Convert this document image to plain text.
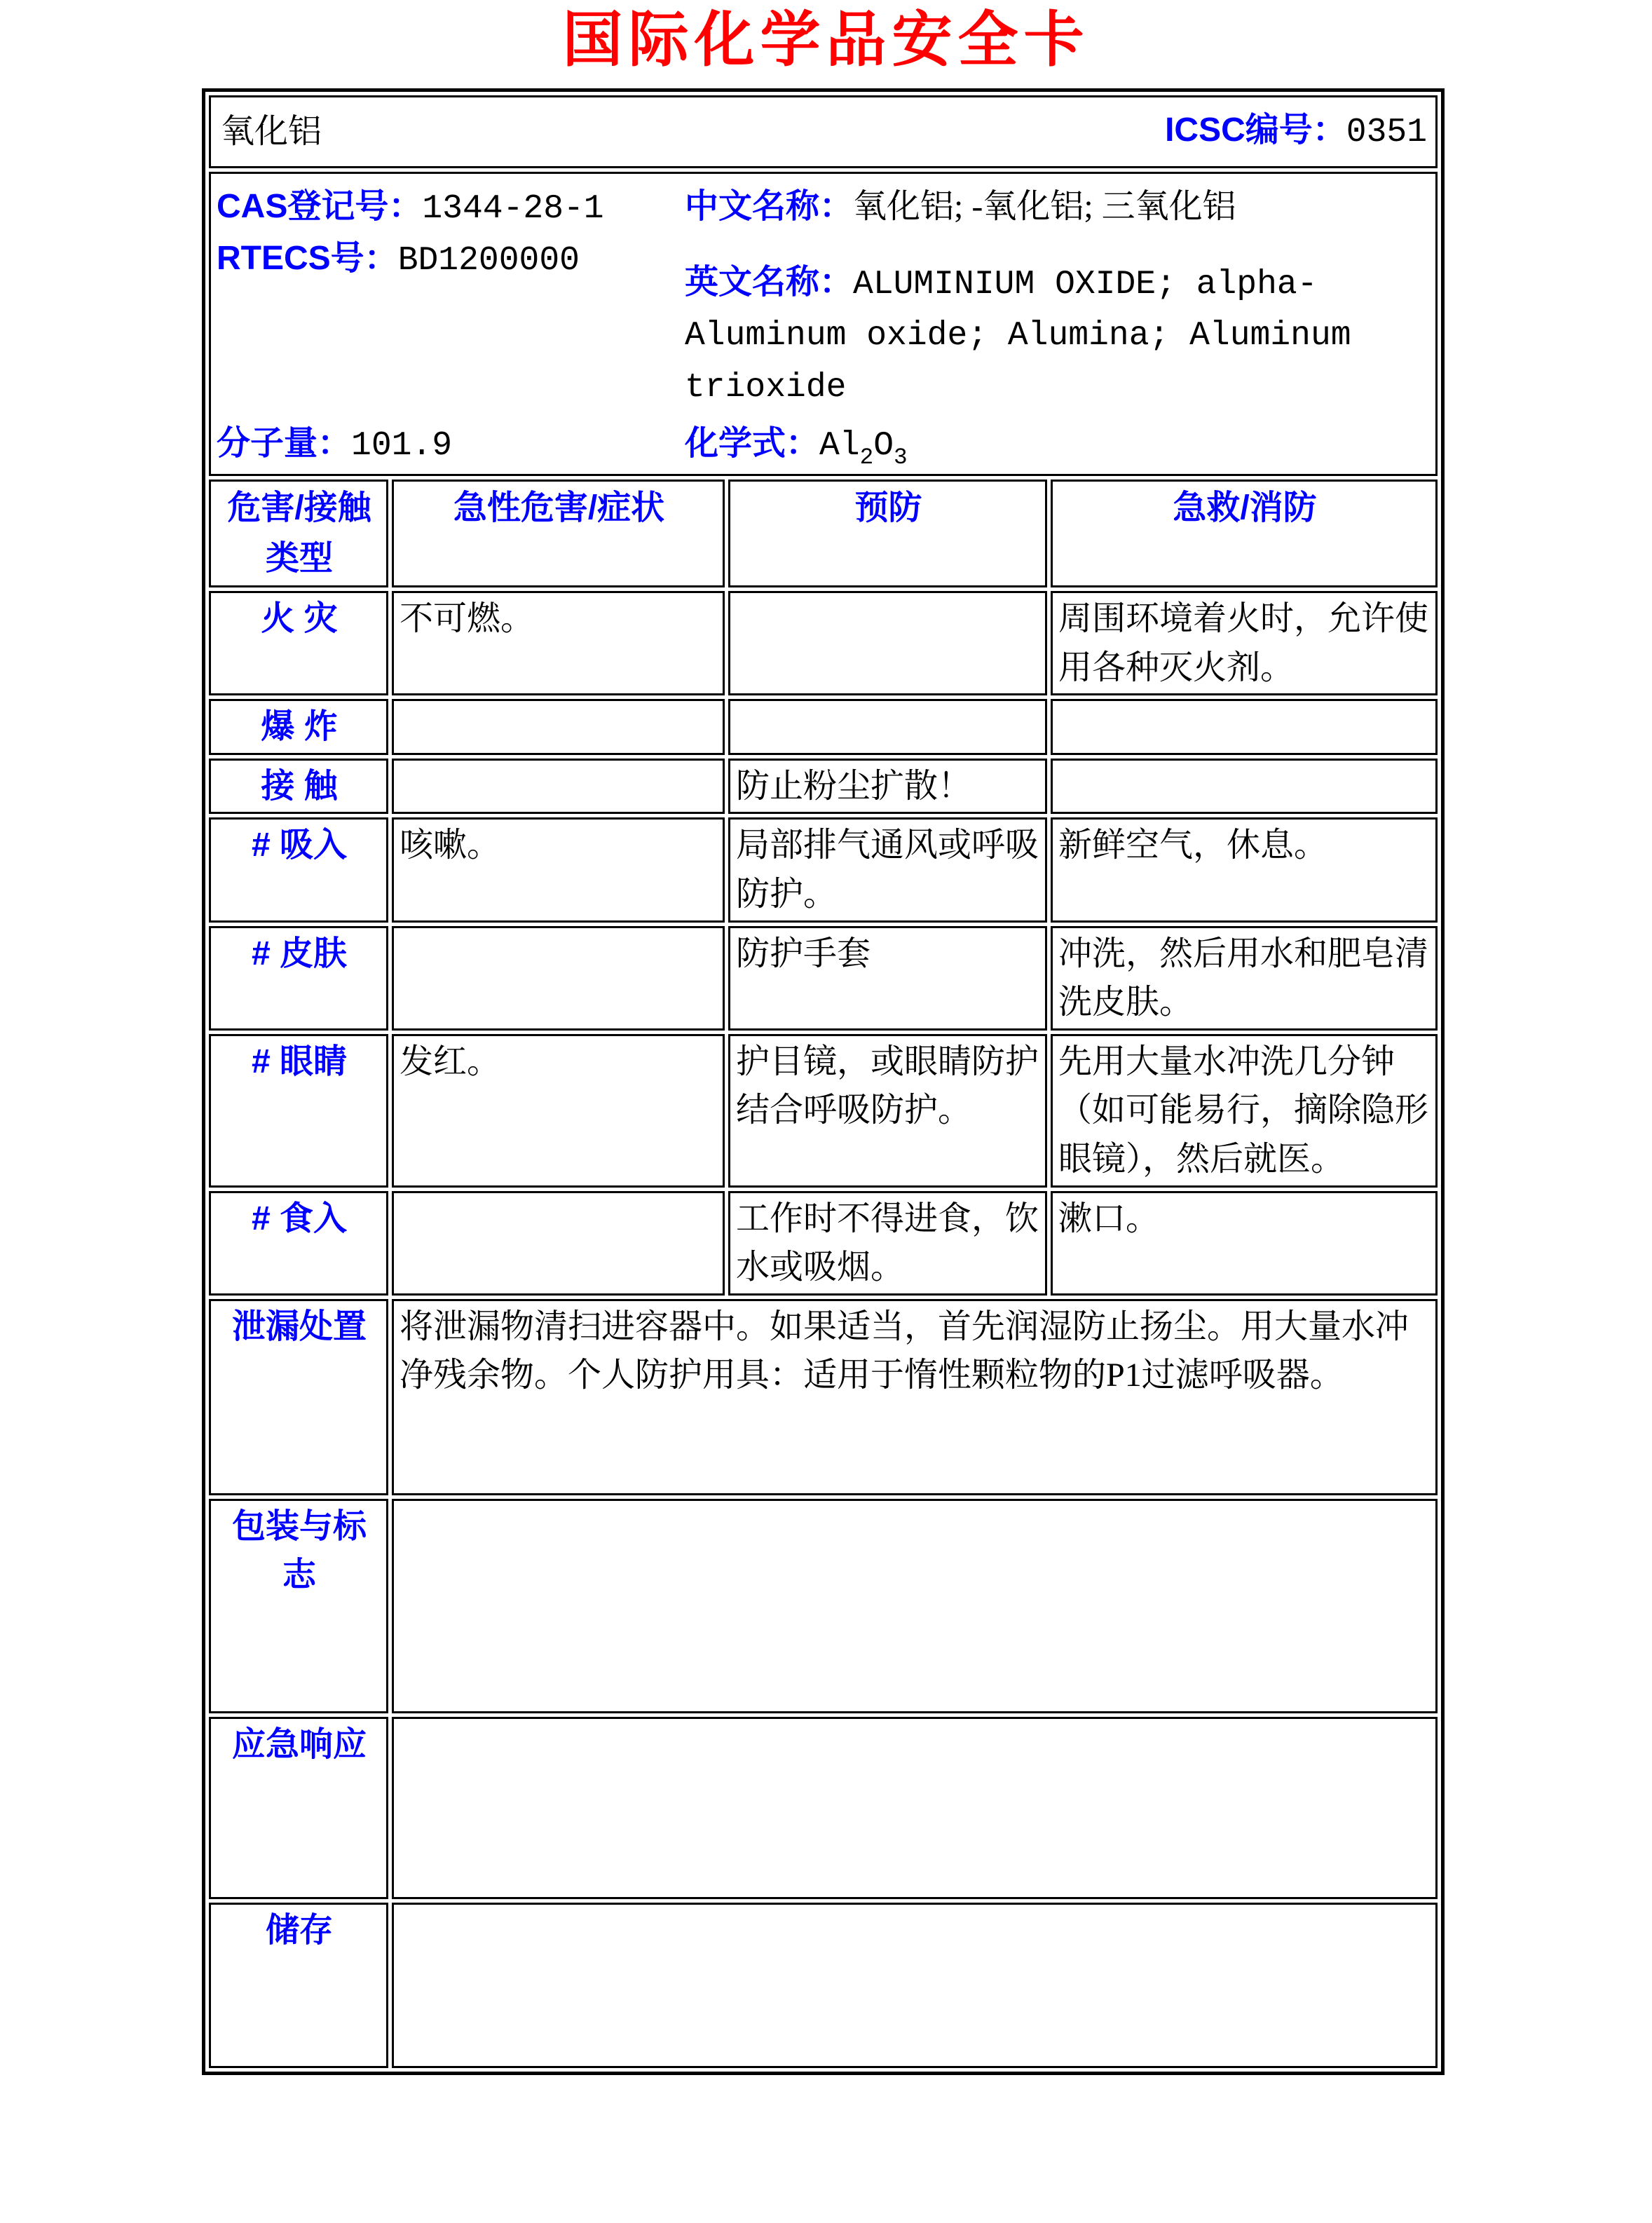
国际化学品安全卡
氧化铝 ICSC编号：0351			

CAS登记号：1344-28-1	中文名称：氧化铝; -氧化铝; 三氧化铝
RTECS号：BD1200000
英文名称：ALUMINIUM OXIDE; alpha-Aluminum oxide; Alumina; Aluminum trioxide
分子量：101.9	化学式：$Al_2O_3$

危害/接触类型	急性危害/症状	预防	急救/消防
火 灾	不可燃。		周围环境着火时，允许使用各种灭火剂。
爆 炸			
接 触		防止粉尘扩散！	
# 吸入	咳嗽。	局部排气通风或呼吸防护。	新鲜空气，休息。
# 皮肤		防护手套	冲洗，然后用水和肥皂清洗皮肤。
# 眼睛	发红。	护目镜，或眼睛防护结合呼吸防护。	先用大量水冲洗几分钟（如可能易行，摘除隐形眼镜），然后就医。
# 食入		工作时不得进食，饮水或吸烟。	漱口。
泄漏处置	将泄漏物清扫进容器中。如果适当，首先润湿防止扬尘。用大量水冲净残余物。个人防护用具：适用于惰性颗粒物的P1过滤呼吸器。		
包装与标志			
应急响应			
储存			
